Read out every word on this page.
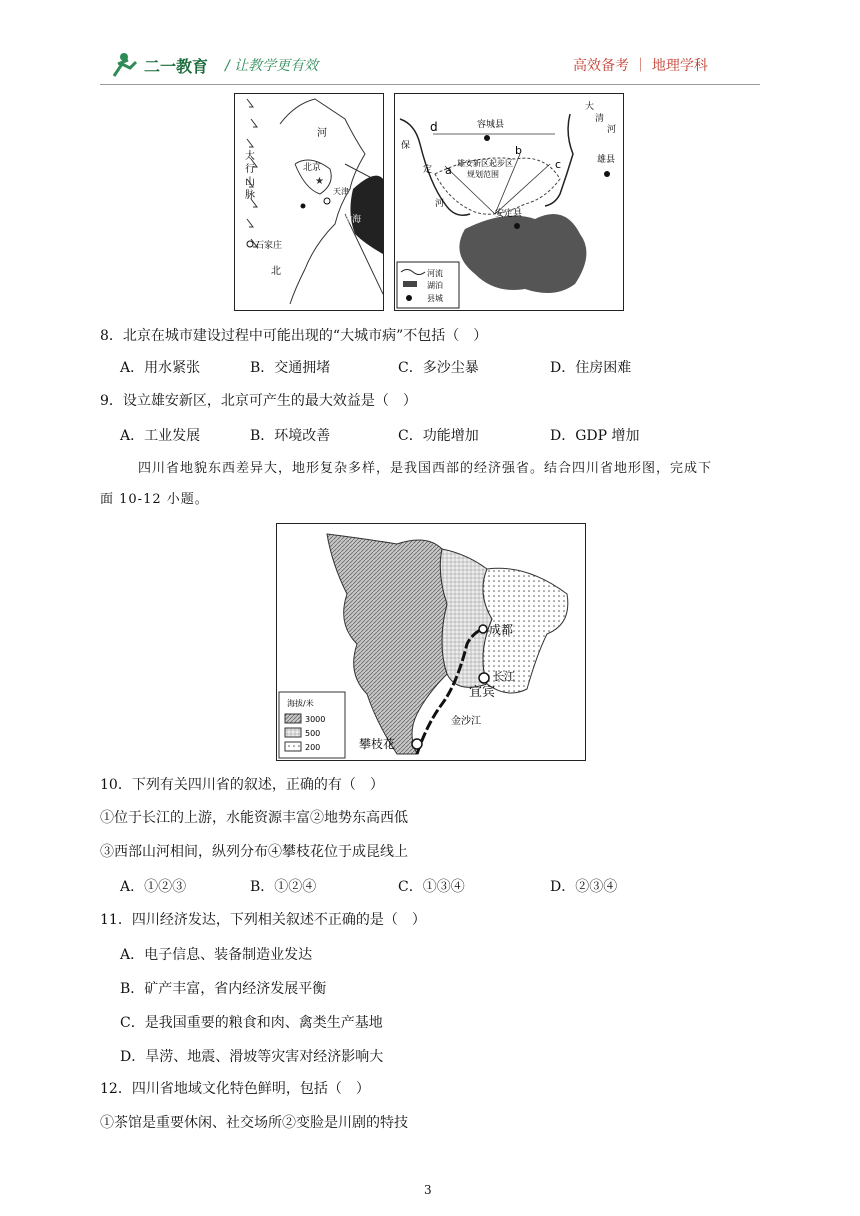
二一教育 / 让教学更有效	高效备考 ｜ 地理学科
河
太
行
山
脉
北京
★
天津
渤海
石家庄
北
d	容城县
b
c
a
保
定
河
雄安新区起步区
规划范围
安定县
大
清
河
雄县
河流
湖泊
县城
8．北京在城市建设过程中可能出现的“大城市病”不包括（　）
A．用水紧张	B．交通拥堵	C．多沙尘暴	D．住房困难
9．设立雄安新区，北京可产生的最大效益是（　）
A．工业发展	B．环境改善	C．功能增加	D．GDP 增加
四川省地貌东西差异大，地形复杂多样，是我国西部的经济强省。结合四川省地形图，完成下
面 10-12 小题。
成都
长江
宜宾
金沙江
攀枝花
海拔/米
3000
500
200
10．下列有关四川省的叙述，正确的有（　）
①位于长江的上游，水能资源丰富②地势东高西低
③西部山河相间，纵列分布④攀枝花位于成昆线上
A．①②③	B．①②④	C．①③④	D．②③④
11．四川经济发达，下列相关叙述不正确的是（　）
A．电子信息、装备制造业发达
B．矿产丰富，省内经济发展平衡
C．是我国重要的粮食和肉、禽类生产基地
D．旱涝、地震、滑坡等灾害对经济影响大
12．四川省地域文化特色鲜明，包括（　）
①茶馆是重要休闲、社交场所②变脸是川剧的特技
3
